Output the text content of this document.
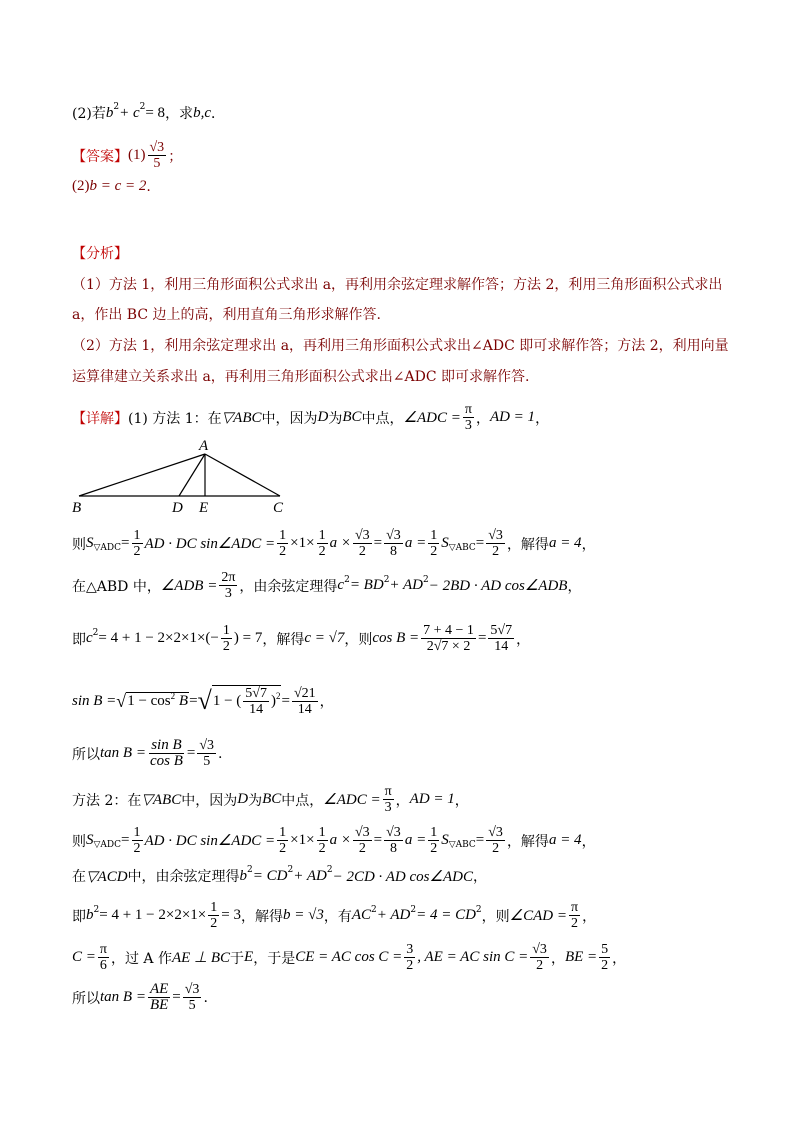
(2)若 b 2 + c 2 = 8 ，求 b,c ．
【答案】 $(1) \frac{√3}{5}$ ；
(2) b = c = 2 .
【分析】
（1）方法 1，利用三角形面积公式求出 a，再利用余弦定理求解作答；方法 2，利用三角形面积公式求出
a，作出 BC 边上的高，利用直角三角形求解作答.
（2）方法 1，利用余弦定理求出 a，再利用三角形面积公式求出∠ADC 即可求解作答；方法 2，利用向量
运算律建立关系求出 a，再利用三角形面积公式求出∠ADC 即可求解作答.
【详解】 (1) 方法 1：在 ▽ABC 中，因为 D 为 BC 中点， ∠ADC = $\frac{\pi}{3}$ ， AD = 1 ，
A
B	D E	C
则 S ▽ADC = $\frac{1}{2}$ AD · DC sin∠ADC = $\frac{1}{2} \times 1\times \frac{1}{2}$ $a \times \frac{√3}{2} = \frac{√3}{8}$ $a = \frac{1}{2}$ S ▽ABC = $\frac{√3}{2}$ ，解得 a = 4 ，
在△ABD 中， ∠ADB = $\frac{2\pi}{3}$ ，由余弦定理得 c 2 = BD 2 + AD 2 − 2BD · AD cos∠ADB ，
即 c $2 = 4 + 1 - 2\times 2\times 1\times(- \frac{1}{2}$ ) = 7 ，解得 c = √7 ，则 $\cos B = \frac{7 + 4 - 1}{2√7 \times 2} = \frac{5√7}{14}$ ，
sin B = √ $1 - \cos^2 B$ = √ 1 − ( $\frac{5√7}{14}$ ) $2 = \frac{√21}{14}$ ，
所以 $\tan B = \frac{\text{sin B}}{\text{cos B}} = \frac{√3}{5}$ .
方法 2：在 ▽ABC 中，因为 D 为 BC 中点， ∠ADC = $\frac{\pi}{3}$ ， AD = 1 ，
则 S ▽ADC = $\frac{1}{2}$ AD · DC sin∠ADC = $\frac{1}{2} \times 1\times \frac{1}{2}$ $a \times \frac{√3}{2} = \frac{√3}{8}$ $a = \frac{1}{2}$ S ▽ABC = $\frac{√3}{2}$ ，解得 a = 4 ，
在 ▽ACD 中，由余弦定理得 b 2 = CD 2 + AD 2 − 2CD · AD cos∠ADC ，
即 b $2 = 4 + 1 - 2\times 2\times 1\times \frac{1}{2} = 3$ ，解得 b = √3 ，有 AC 2 + AD 2 = 4 = CD 2 ，则 ∠CAD = $\frac{\pi}{2}$ ，
$C = \frac{\pi}{6}$ ，过 A 作 AE ⊥ BC 于 E ，于是 CE = AC $\cos C = \frac{3}{2}$ , AE = AC $\sin C = \frac{√3}{2}$ ， BE = $\frac{5}{2}$ ，
所以 $\tan B = \frac{AE}{BE} = \frac{√3}{5}$ .
